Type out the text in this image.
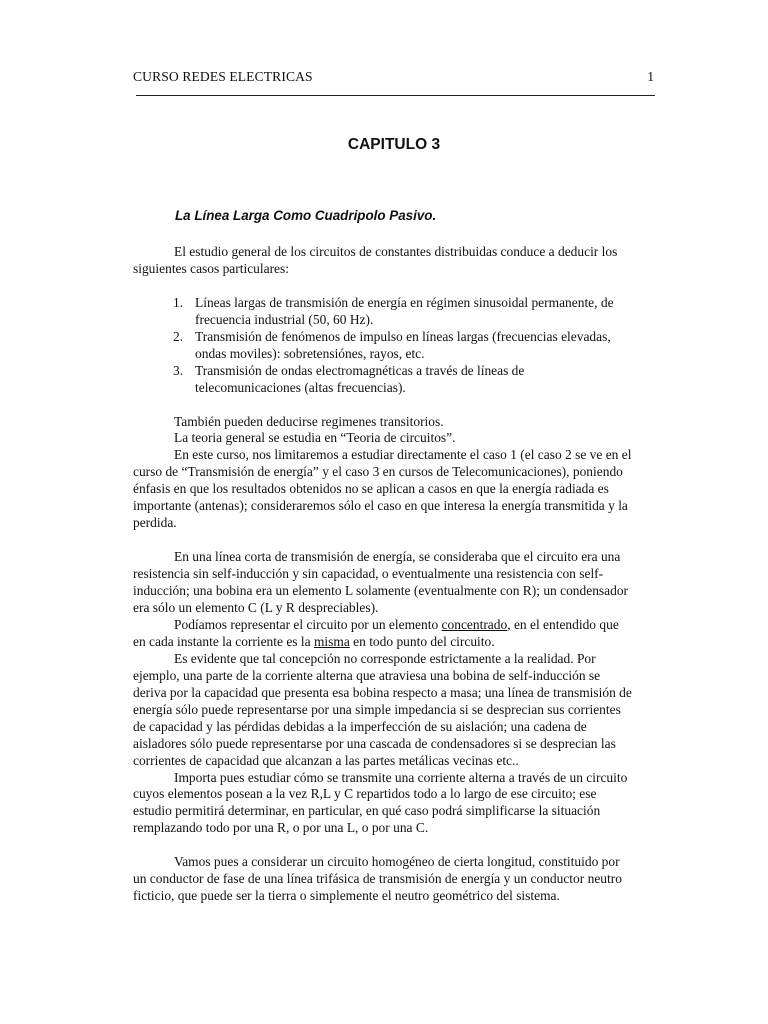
CURSO REDES ELECTRICAS	1
CAPITULO 3
La Línea Larga Como Cuadripolo Pasivo.

El estudio general de los circuitos de constantes distribuidas conduce a deducir los siguientes casos particulares:

1. Líneas largas de transmisión de energía en régimen sinusoidal permanente, de frecuencia industrial (50, 60 Hz).
2. Transmisión de fenómenos de impulso en líneas largas (frecuencias elevadas, ondas moviles): sobretensiónes, rayos, etc.
3. Transmisión de ondas electromagnéticas a través de líneas de telecomunicaciones (altas frecuencias).

También pueden deducirse regimenes transitorios.

La teoria general se estudia en “Teoria de circuitos”.

En este curso, nos limitaremos a estudiar directamente el caso 1 (el caso 2 se ve en el curso de “Transmisión de energía” y el caso 3 en cursos de Telecomunicaciones), poniendo énfasis en que los resultados obtenidos no se aplican a casos en que la energía radiada es importante (antenas); consideraremos sólo el caso en que interesa la energía transmitida y la perdida.

En una línea corta de transmisión de energía, se consideraba que el circuito era una resistencia sin self-inducción y sin capacidad, o eventualmente una resistencia con self-inducción; una bobina era un elemento L solamente (eventualmente con R); un condensador era sólo un elemento C (L y R despreciables).

Podíamos representar el circuito por un elemento concentrado, en el entendido que en cada instante la corriente es la misma en todo punto del circuito.

Es evidente que tal concepción no corresponde estrictamente a la realidad. Por ejemplo, una parte de la corriente alterna que atraviesa una bobina de self-inducción se deriva por la capacidad que presenta esa bobina respecto a masa; una línea de transmisión de energía sólo puede representarse por una simple impedancia si se desprecian sus corrientes de capacidad y las pérdidas debidas a la imperfección de su aislación; una cadena de aisladores sólo puede representarse por una cascada de condensadores si se desprecian las corrientes de capacidad que alcanzan a las partes metálicas vecinas etc..

Importa pues estudiar cómo se transmite una corriente alterna a través de un circuito cuyos elementos posean a la vez R,L y C repartidos todo a lo largo de ese circuito; ese estudio permitirá determinar, en particular, en qué caso podrá simplificarse la situación remplazando todo por una R, o por una L, o por una C.

Vamos pues a considerar un circuito homogéneo de cierta longitud, constituido por un conductor de fase de una línea trifásica de transmisión de energía y un conductor neutro ficticio, que puede ser la tierra o simplemente el neutro geométrico del sistema.
